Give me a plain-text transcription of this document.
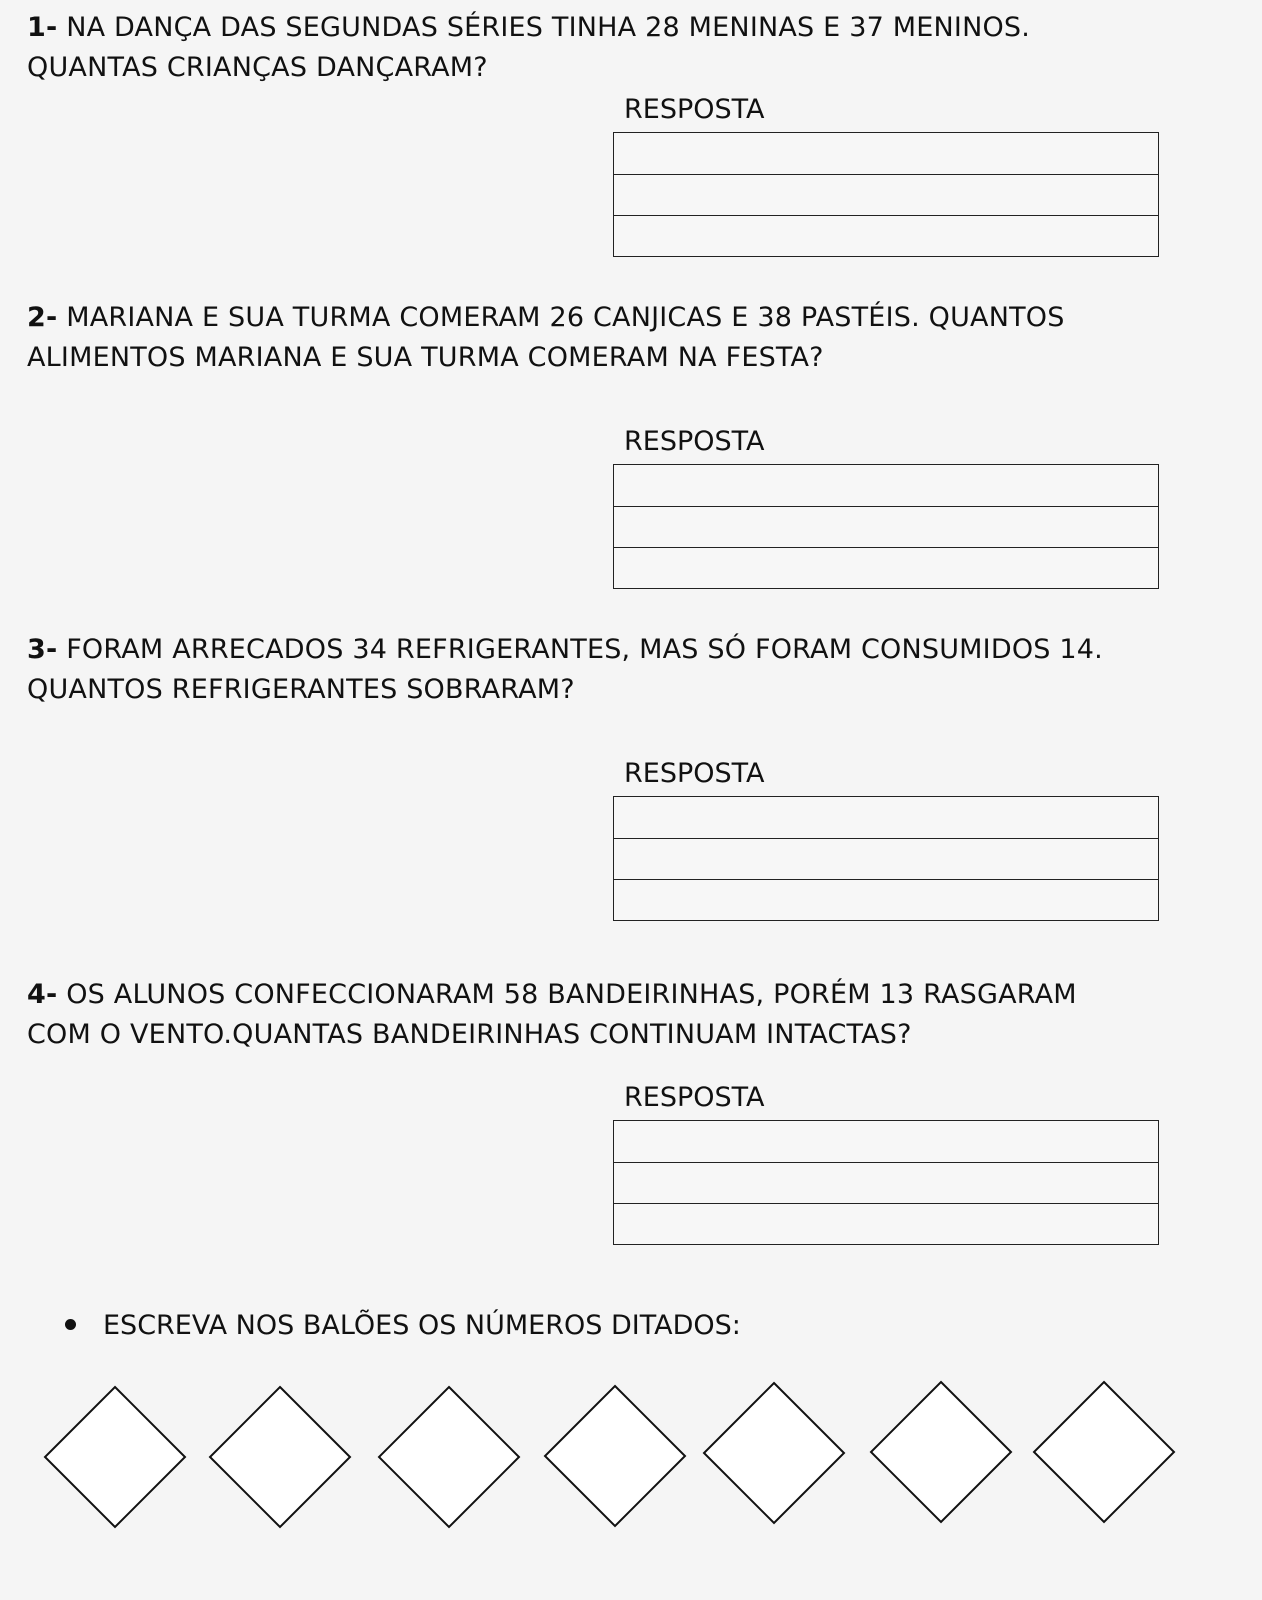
1- NA DANÇA DAS SEGUNDAS SÉRIES TINHA 28 MENINAS E 37 MENINOS.
QUANTAS CRIANÇAS DANÇARAM?
RESPOSTA
2- MARIANA E SUA TURMA COMERAM 26 CANJICAS E 38 PASTÉIS. QUANTOS
ALIMENTOS MARIANA E SUA TURMA COMERAM NA FESTA?
RESPOSTA
3- FORAM ARRECADOS 34 REFRIGERANTES, MAS SÓ FORAM CONSUMIDOS 14.
QUANTOS REFRIGERANTES SOBRARAM?
RESPOSTA
4- OS ALUNOS CONFECCIONARAM 58 BANDEIRINHAS, PORÉM 13 RASGARAM
COM O VENTO.QUANTAS BANDEIRINHAS CONTINUAM INTACTAS?
RESPOSTA
ESCREVA NOS BALÕES OS NÚMEROS DITADOS:
